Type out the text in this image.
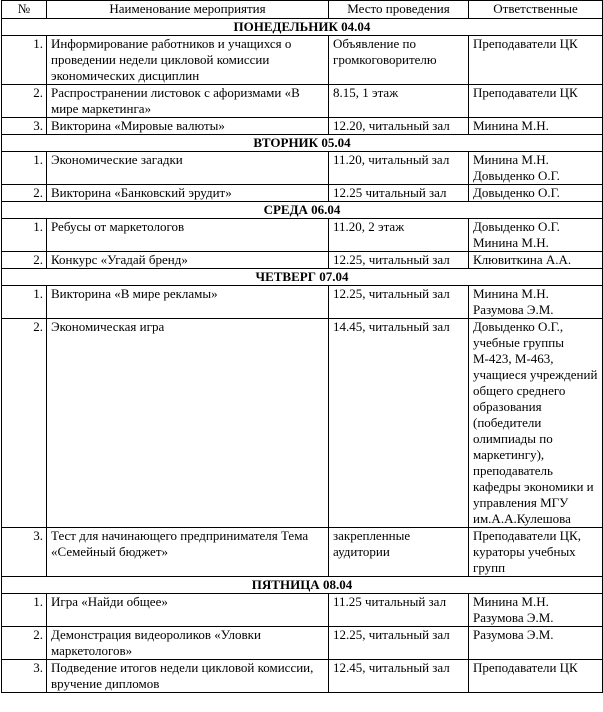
№	Наименование мероприятия	Место проведения	Ответственные
ПОНЕДЕЛЬНИК 04.04			
1.	Информирование работников и учащихся о проведении недели цикловой комиссии экономических дисциплин	Объявление по громкоговорителю	Преподаватели ЦК
2.	Распространении листовок с афоризмами «В мире маркетинга»	8.15, 1 этаж	Преподаватели ЦК
3.	Викторина «Мировые валюты»	12.20, читальный зал	Минина М.Н.
ВТОРНИК 05.04			
1.	Экономические загадки	11.20, читальный зал	Минина М.Н. Довыденко О.Г.
2.	Викторина «Банковский эрудит»	12.25 читальный зал	Довыденко О.Г.
СРЕДА 06.04			
1.	Ребусы от маркетологов	11.20, 2 этаж	Довыденко О.Г. Минина М.Н.
2.	Конкурс «Угадай бренд»	12.25, читальный зал	Клювиткина А.А.
ЧЕТВЕРГ 07.04			
1.	Викторина «В мире рекламы»	12.25, читальный зал	Минина М.Н. Разумова Э.М.
2.	Экономическая игра	14.45, читальный зал	Довыденко О.Г., учебные группы М-423, М-463, учащиеся учреждений общего среднего образования (победители олимпиады по маркетингу), преподаватель кафедры экономики и управления МГУ им.А.А.Кулешова
3.	Тест для начинающего предпринимателя Тема «Семейный бюджет»	закрепленные аудитории	Преподаватели ЦК, кураторы учебных групп
ПЯТНИЦА 08.04			
1.	Игра «Найди общее»	11.25 читальный зал	Минина М.Н. Разумова Э.М.
2.	Демонстрация видеороликов «Уловки маркетологов»	12.25, читальный зал	Разумова Э.М.
3.	Подведение итогов недели цикловой комиссии, вручение дипломов	12.45, читальный зал	Преподаватели ЦК
